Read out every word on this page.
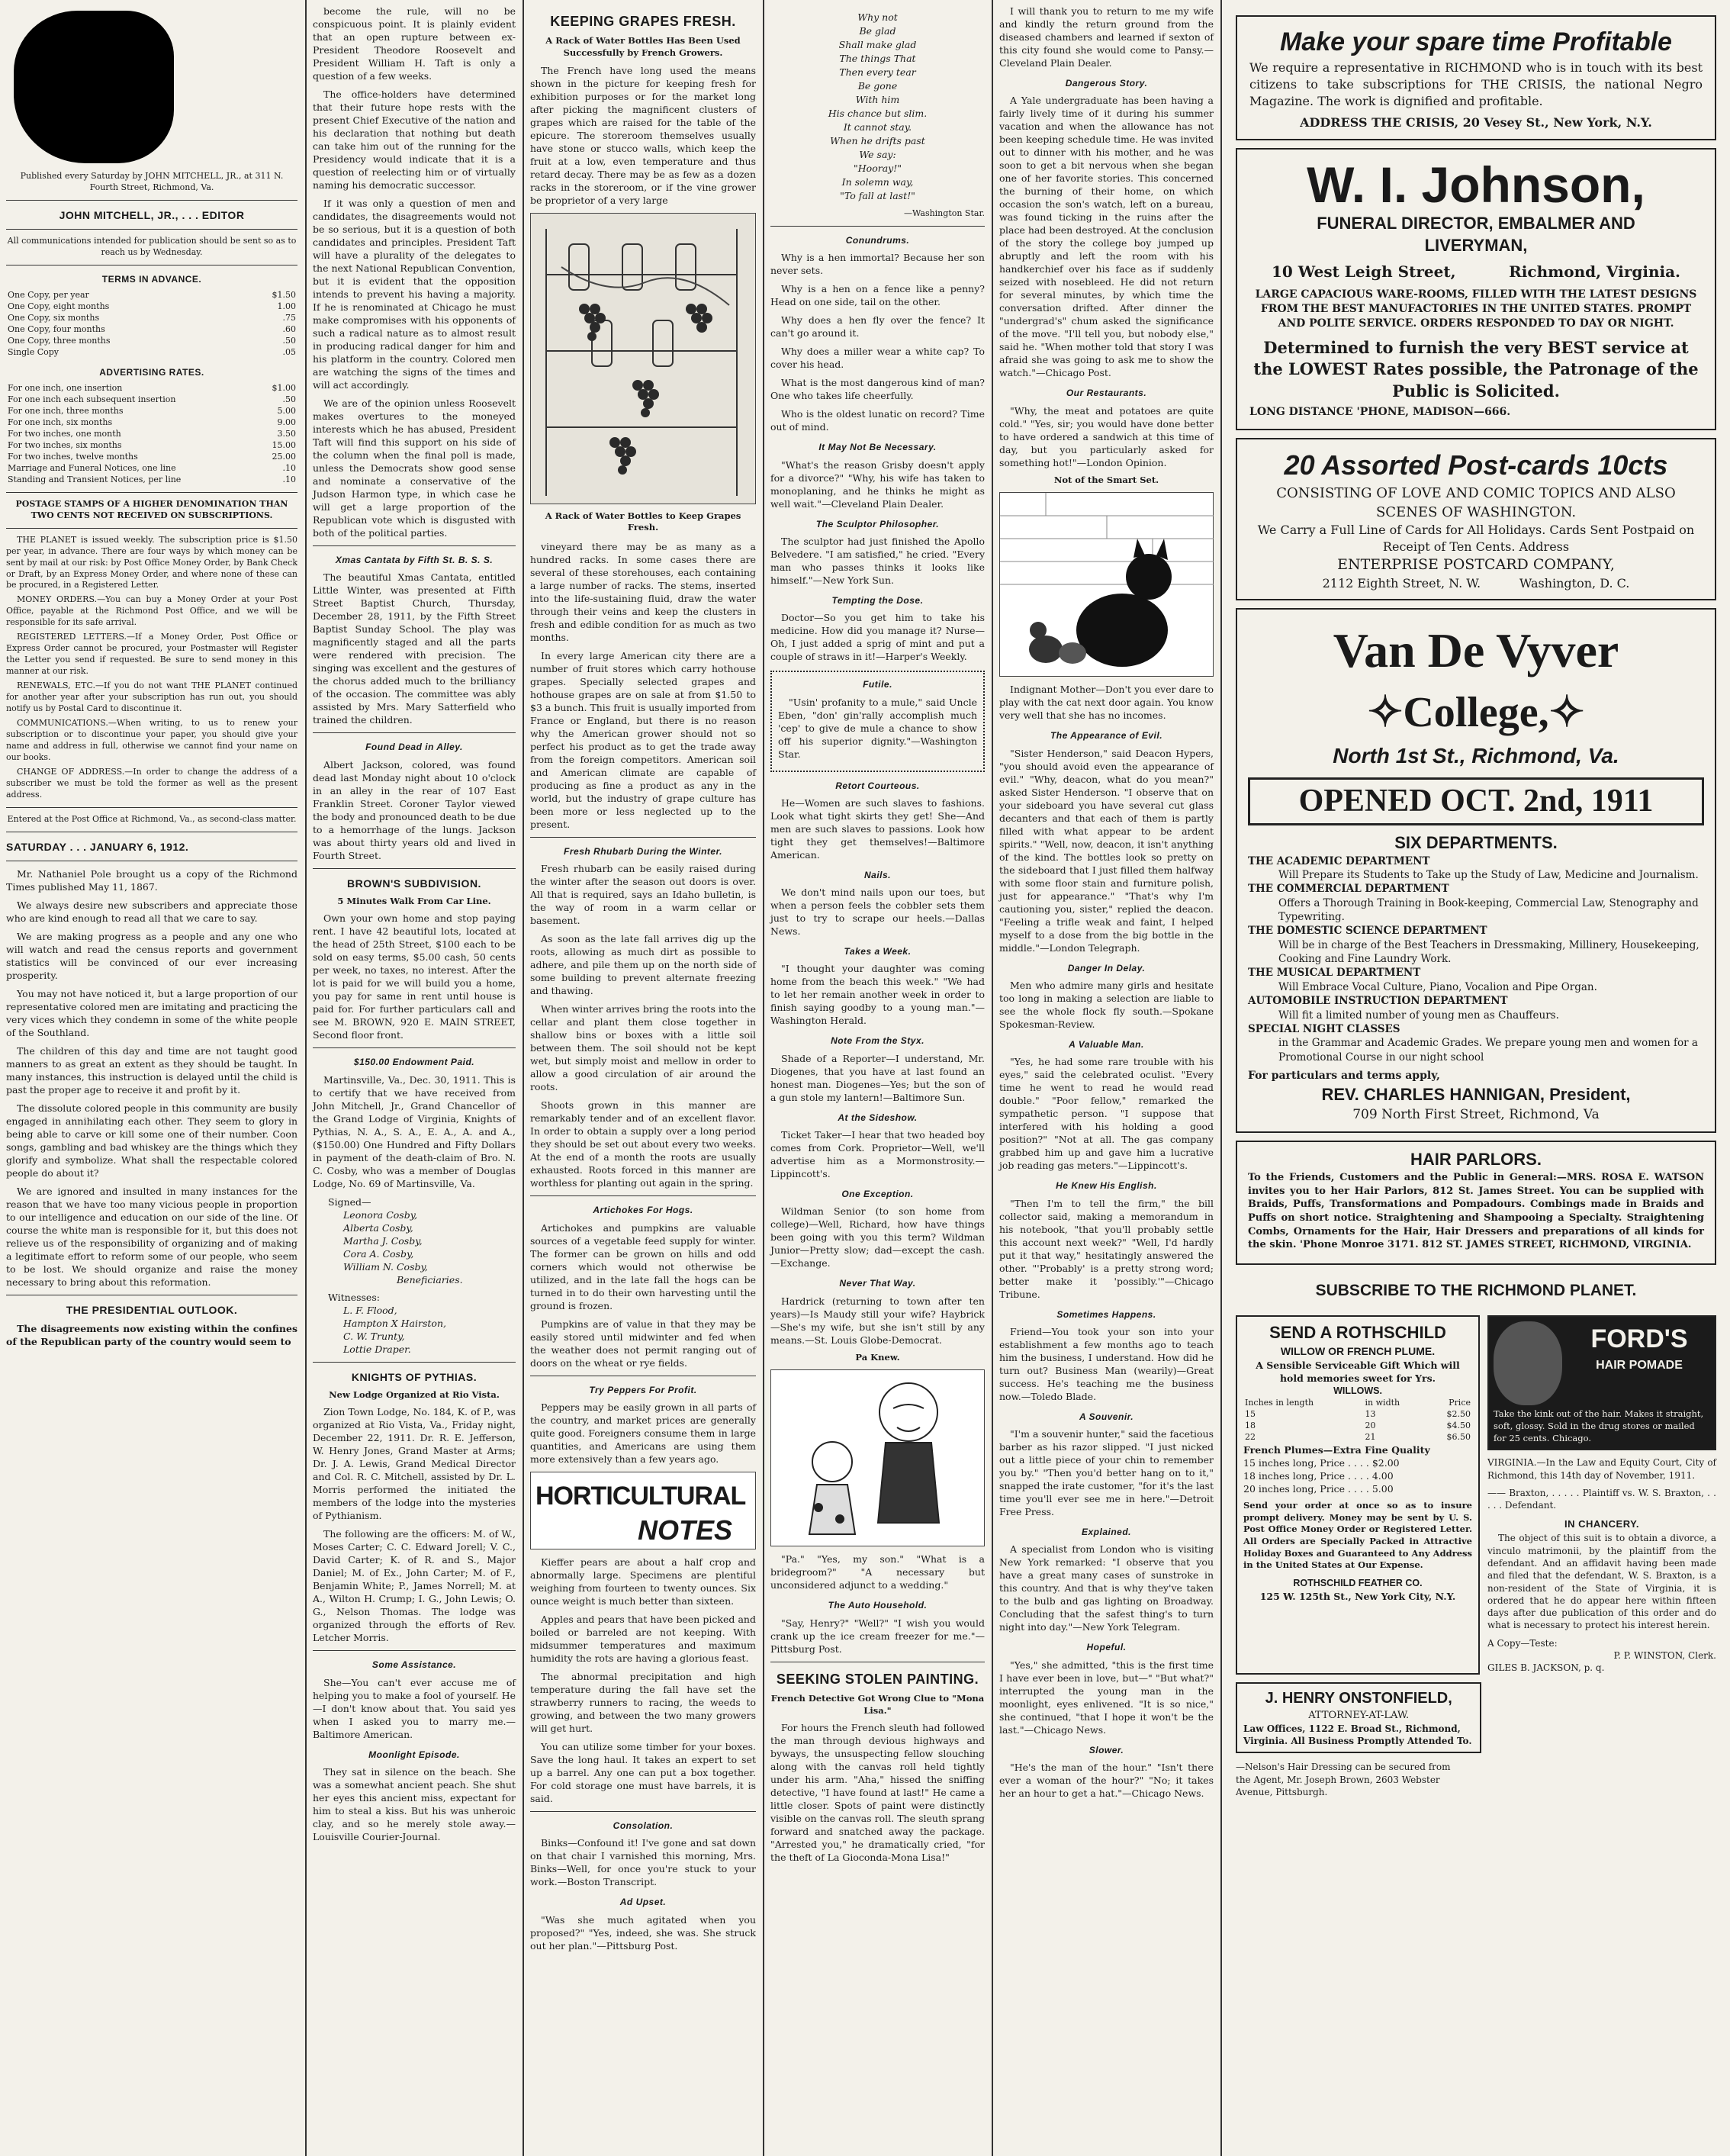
Published every Saturday by JOHN MITCHELL, JR., at 311 N. Fourth Street, Richmond, Va.
JOHN MITCHELL, JR., . . . EDITOR
All communications intended for publication should be sent so as to reach us by Wednesday.
TERMS IN ADVANCE.
One Copy, per year	$1.50
One Copy, eight months	1.00
One Copy, six months	.75
One Copy, four months	.60
One Copy, three months	.50
Single Copy	.05
ADVERTISING RATES.
For one inch, one insertion	$1.00
For one inch each subsequent insertion	.50
For one inch, three months	5.00
For one inch, six months	9.00
For two inches, one month	3.50
For two inches, six months	15.00
For two inches, twelve months	25.00
Marriage and Funeral Notices, one line	.10
Standing and Transient Notices, per line	.10
POSTAGE STAMPS OF A HIGHER DENOMINATION THAN TWO CENTS NOT RECEIVED ON SUBSCRIPTIONS.

THE PLANET is issued weekly. The subscription price is $1.50 per year, in advance. There are four ways by which money can be sent by mail at our risk: by Post Office Money Order, by Bank Check or Draft, by an Express Money Order, and where none of these can be procured, in a Registered Letter.

MONEY ORDERS.—You can buy a Money Order at your Post Office, payable at the Richmond Post Office, and we will be responsible for its safe arrival.

REGISTERED LETTERS.—If a Money Order, Post Office or Express Order cannot be procured, your Postmaster will Register the Letter you send if requested. Be sure to send money in this manner at our risk.

RENEWALS, ETC.—If you do not want THE PLANET continued for another year after your subscription has run out, you should notify us by Postal Card to discontinue it.

COMMUNICATIONS.—When writing, to us to renew your subscription or to discontinue your paper, you should give your name and address in full, otherwise we cannot find your name on our books.

CHANGE OF ADDRESS.—In order to change the address of a subscriber we must be told the former as well as the present address.

Entered at the Post Office at Richmond, Va., as second-class matter.
SATURDAY . . . JANUARY 6, 1912.

Mr. Nathaniel Pole brought us a copy of the Richmond Times published May 11, 1867.

We always desire new subscribers and appreciate those who are kind enough to read all that we care to say.

We are making progress as a people and any one who will watch and read the census reports and government statistics will be convinced of our ever increasing prosperity.

You may not have noticed it, but a large proportion of our representative colored men are imitating and practicing the very vices which they condemn in some of the white people of the Southland.

The children of this day and time are not taught good manners to as great an extent as they should be taught. In many instances, this instruction is delayed until the child is past the proper age to receive it and profit by it.

The dissolute colored people in this community are busily engaged in annihilating each other. They seem to glory in being able to carve or kill some one of their number. Coon songs, gambling and bad whiskey are the things which they glorify and symbolize. What shall the respectable colored people do about it?

We are ignored and insulted in many instances for the reason that we have too many vicious people in proportion to our intelligence and education on our side of the line. Of course the white man is responsible for it, but this does not relieve us of the responsibility of organizing and of making a legitimate effort to reform some of our people, who seem to be lost. We should organize and raise the money necessary to bring about this reformation.

THE PRESIDENTIAL OUTLOOK.

The disagreements now existing within the confines of the Republican party of the country would seem to

become the rule, will no be conspicuous point. It is plainly evident that an open rupture between ex-President Theodore Roosevelt and President William H. Taft is only a question of a few weeks.

The office-holders have determined that their future hope rests with the present Chief Executive of the nation and his declaration that nothing but death can take him out of the running for the Presidency would indicate that it is a question of reelecting him or of virtually naming his democratic successor.

If it was only a question of men and candidates, the disagreements would not be so serious, but it is a question of both candidates and principles. President Taft will have a plurality of the delegates to the next National Republican Convention, but it is evident that the opposition intends to prevent his having a majority. If he is renominated at Chicago he must make compromises with his opponents of such a radical nature as to almost result in producing radical danger for him and his platform in the country. Colored men are watching the signs of the times and will act accordingly.

We are of the opinion unless Roosevelt makes overtures to the moneyed interests which he has abused, President Taft will find this support on his side of the column when the final poll is made, unless the Democrats show good sense and nominate a conservative of the Judson Harmon type, in which case he will get a large proportion of the Republican vote which is disgusted with both of the political parties.

Xmas Cantata by Fifth St. B. S. S.

The beautiful Xmas Cantata, entitled Little Winter, was presented at Fifth Street Baptist Church, Thursday, December 28, 1911, by the Fifth Street Baptist Sunday School. The play was magnificently staged and all the parts were rendered with precision. The singing was excellent and the gestures of the chorus added much to the brilliancy of the occasion. The committee was ably assisted by Mrs. Mary Satterfield who trained the children.

Found Dead in Alley.

Albert Jackson, colored, was found dead last Monday night about 10 o'clock in an alley in the rear of 107 East Franklin Street. Coroner Taylor viewed the body and pronounced death to be due to a hemorrhage of the lungs. Jackson was about thirty years old and lived in Fourth Street.

BROWN'S SUBDIVISION.
5 Minutes Walk From Car Line.

Own your own home and stop paying rent. I have 42 beautiful lots, located at the head of 25th Street, $100 each to be sold on easy terms, $5.00 cash, 50 cents per week, no taxes, no interest. After the lot is paid for we will build you a home, you pay for same in rent until house is paid for. For further particulars call and see M. BROWN, 920 E. MAIN STREET, Second floor front.

$150.00 Endowment Paid.

Martinsville, Va., Dec. 30, 1911. This is to certify that we have received from John Mitchell, Jr., Grand Chancellor of the Grand Lodge of Virginia, Knights of Pythias, N. A., S. A., E. A., A. and A., ($150.00) One Hundred and Fifty Dollars in payment of the death-claim of Bro. N. C. Cosby, who was a member of Douglas Lodge, No. 69 of Martinsville, Va.

Signed—
Leonora Cosby,
Alberta Cosby,
Martha J. Cosby,
Cora A. Cosby,
William N. Cosby,
Beneficiaries.
Witnesses:
L. F. Flood,
Hampton X Hairston,
C. W. Trunty,
Lottie Draper.
KNIGHTS OF PYTHIAS.
New Lodge Organized at Rio Vista.

Zion Town Lodge, No. 184, K. of P., was organized at Rio Vista, Va., Friday night, December 22, 1911. Dr. R. E. Jefferson, W. Henry Jones, Grand Master at Arms; Dr. J. A. Lewis, Grand Medical Director and Col. R. C. Mitchell, assisted by Dr. L. Morris performed the initiated the members of the lodge into the mysteries of Pythianism.

The following are the officers: M. of W., Moses Carter; C. C. Edward Jorell; V. C., David Carter; K. of R. and S., Major Daniel; M. of Ex., John Carter; M. of F., Benjamin White; P., James Norrell; M. at A., Wilton H. Crump; I. G., John Lewis; O. G., Nelson Thomas. The lodge was organized through the efforts of Rev. Letcher Morris.

Some Assistance.

She—You can't ever accuse me of helping you to make a fool of yourself. He—I don't know about that. You said yes when I asked you to marry me.—Baltimore American.

Moonlight Episode.

They sat in silence on the beach. She was a somewhat ancient peach. She shut her eyes this ancient miss, expectant for him to steal a kiss. But his was unheroic clay, and so he merely stole away.—Louisville Courier-Journal.

KEEPING GRAPES FRESH.
A Rack of Water Bottles Has Been Used Successfully by French Growers.

The French have long used the means shown in the picture for keeping fresh for exhibition purposes or for the market long after picking the magnificent clusters of grapes which are raised for the table of the epicure. The storeroom themselves usually have stone or stucco walls, which keep the fruit at a low, even temperature and thus retard decay. There may be as few as a dozen racks in the storeroom, or if the vine grower be proprietor of a very large

A Rack of Water Bottles to Keep Grapes Fresh.

vineyard there may be as many as a hundred racks. In some cases there are several of these storehouses, each containing a large number of racks. The stems, inserted into the life-sustaining fluid, draw the water through their veins and keep the clusters in fresh and edible condition for as much as two months.

In every large American city there are a number of fruit stores which carry hothouse grapes. Specially selected grapes and hothouse grapes are on sale at from $1.50 to $3 a bunch. This fruit is usually imported from France or England, but there is no reason why the American grower should not so perfect his product as to get the trade away from the foreign competitors. American soil and American climate are capable of producing as fine a product as any in the world, but the industry of grape culture has been more or less neglected up to the present.

Fresh Rhubarb During the Winter.

Fresh rhubarb can be easily raised during the winter after the season out doors is over. All that is required, says an Idaho bulletin, is the way of room in a warm cellar or basement.

As soon as the late fall arrives dig up the roots, allowing as much dirt as possible to adhere, and pile them up on the north side of some building to prevent alternate freezing and thawing.

When winter arrives bring the roots into the cellar and plant them close together in shallow bins or boxes with a little soil between them. The soil should not be kept wet, but simply moist and mellow in order to allow a good circulation of air around the roots.

Shoots grown in this manner are remarkably tender and of an excellent flavor. In order to obtain a supply over a long period they should be set out about every two weeks. At the end of a month the roots are usually exhausted. Roots forced in this manner are worthless for planting out again in the spring.

Artichokes For Hogs.

Artichokes and pumpkins are valuable sources of a vegetable feed supply for winter. The former can be grown on hills and odd corners which would not otherwise be utilized, and in the late fall the hogs can be turned in to do their own harvesting until the ground is frozen.

Pumpkins are of value in that they may be easily stored until midwinter and fed when the weather does not permit ranging out of doors on the wheat or rye fields.

Try Peppers For Profit.

Peppers may be easily grown in all parts of the country, and market prices are generally quite good. Foreigners consume them in large quantities, and Americans are using them more extensively than a few years ago.

HORTICULTURAL
NOTES

Kieffer pears are about a half crop and abnormally large. Specimens are plentiful weighing from fourteen to twenty ounces. Six ounce weight is much better than sixteen.

Apples and pears that have been picked and boiled or barreled are not keeping. With midsummer temperatures and maximum humidity the rots are having a glorious feast.

The abnormal precipitation and high temperature during the fall have set the strawberry runners to racing, the weeds to growing, and between the two many growers will get hurt.

You can utilize some timber for your boxes. Save the long haul. It takes an expert to set up a barrel. Any one can put a box together. For cold storage one must have barrels, it is said.

Consolation.

Binks—Confound it! I've gone and sat down on that chair I varnished this morning, Mrs. Binks—Well, for once you're stuck to your work.—Boston Transcript.

Ad Upset.

"Was she much agitated when you proposed?" "Yes, indeed, she was. She struck out her plan."—Pittsburg Post.

Why not
Be glad
Shall make glad
The things That
Then every tear
Be gone
With him
His chance but slim.
It cannot stay.
When he drifts past
We say:
"Hooray!"
In solemn way,
"To fall at last!"
—Washington Star.
Conundrums.

Why is a hen immortal? Because her son never sets.

Why is a hen on a fence like a penny? Head on one side, tail on the other.

Why does a hen fly over the fence? It can't go around it.

Why does a miller wear a white cap? To cover his head.

What is the most dangerous kind of man? One who takes life cheerfully.

Who is the oldest lunatic on record? Time out of mind.

It May Not Be Necessary.

"What's the reason Grisby doesn't apply for a divorce?" "Why, his wife has taken to monoplaning, and he thinks he might as well wait."—Cleveland Plain Dealer.

The Sculptor Philosopher.

The sculptor had just finished the Apollo Belvedere. "I am satisfied," he cried. "Every man who passes thinks it looks like himself."—New York Sun.

Tempting the Dose.

Doctor—So you get him to take his medicine. How did you manage it? Nurse—Oh, I just added a sprig of mint and put a couple of straws in it!—Harper's Weekly.

Futile.

"Usin' profanity to a mule," said Uncle Eben, "don' gin'rally accomplish much 'cep' to give de mule a chance to show off his superior dignity."—Washington Star.

Retort Courteous.

He—Women are such slaves to fashions. Look what tight skirts they get! She—And men are such slaves to passions. Look how tight they get themselves!—Baltimore American.

Nails.

We don't mind nails upon our toes, but when a person feels the cobbler sets them just to try to scrape our heels.—Dallas News.

Takes a Week.

"I thought your daughter was coming home from the beach this week." "We had to let her remain another week in order to finish saying goodby to a young man."—Washington Herald.

Note From the Styx.

Shade of a Reporter—I understand, Mr. Diogenes, that you have at last found an honest man. Diogenes—Yes; but the son of a gun stole my lantern!—Baltimore Sun.

At the Sideshow.

Ticket Taker—I hear that two headed boy comes from Cork. Proprietor—Well, we'll advertise him as a Mormonstrosity.—Lippincott's.

One Exception.

Wildman Senior (to son home from college)—Well, Richard, how have things been going with you this term? Wildman Junior—Pretty slow; dad—except the cash.—Exchange.

Never That Way.

Hardrick (returning to town after ten years)—Is Maudy still your wife? Haybrick—She's my wife, but she isn't still by any means.—St. Louis Globe-Democrat.

Pa Knew.

"Pa." "Yes, my son." "What is a bridegroom?" "A necessary but unconsidered adjunct to a wedding."

The Auto Household.

"Say, Henry?" "Well?" "I wish you would crank up the ice cream freezer for me."—Pittsburg Post.

SEEKING STOLEN PAINTING.
French Detective Got Wrong Clue to "Mona Lisa."

For hours the French sleuth had followed the man through devious highways and byways, the unsuspecting fellow slouching along with the canvas roll held tightly under his arm. "Aha," hissed the sniffing detective, "I have found at last!" He came a little closer. Spots of paint were distinctly visible on the canvas roll. The sleuth sprang forward and snatched away the package. "Arrested you," he dramatically cried, "for the theft of La Gioconda-Mona Lisa!"

I will thank you to return to me my wife and kindly the return ground from the diseased chambers and learned if sexton of this city found she would come to Pansy.—Cleveland Plain Dealer.

Dangerous Story.

A Yale undergraduate has been having a fairly lively time of it during his summer vacation and when the allowance has not been keeping schedule time. He was invited out to dinner with his mother, and he was soon to get a bit nervous when she began one of her favorite stories. This concerned the burning of their home, on which occasion the son's watch, left on a bureau, was found ticking in the ruins after the place had been destroyed. At the conclusion of the story the college boy jumped up abruptly and left the room with his handkerchief over his face as if suddenly seized with nosebleed. He did not return for several minutes, by which time the conversation drifted. After dinner the "undergrad's" chum asked the significance of the move. "I'll tell you, but nobody else," said he. "When mother told that story I was afraid she was going to ask me to show the watch."—Chicago Post.

Our Restaurants.

"Why, the meat and potatoes are quite cold." "Yes, sir; you would have done better to have ordered a sandwich at this time of day, but you particularly asked for something hot!"—London Opinion.

Not of the Smart Set.

Indignant Mother—Don't you ever dare to play with the cat next door again. You know very well that she has no incomes.

The Appearance of Evil.

"Sister Henderson," said Deacon Hypers, "you should avoid even the appearance of evil." "Why, deacon, what do you mean?" asked Sister Henderson. "I observe that on your sideboard you have several cut glass decanters and that each of them is partly filled with what appear to be ardent spirits." "Well, now, deacon, it isn't anything of the kind. The bottles look so pretty on the sideboard that I just filled them halfway with some floor stain and furniture polish, just for appearance." "That's why I'm cautioning you, sister," replied the deacon. "Feeling a trifle weak and faint, I helped myself to a dose from the big bottle in the middle."—London Telegraph.

Danger In Delay.

Men who admire many girls and hesitate too long in making a selection are liable to see the whole flock fly south.—Spokane Spokesman-Review.

A Valuable Man.

"Yes, he had some rare trouble with his eyes," said the celebrated oculist. "Every time he went to read he would read double." "Poor fellow," remarked the sympathetic person. "I suppose that interfered with his holding a good position?" "Not at all. The gas company grabbed him up and gave him a lucrative job reading gas meters."—Lippincott's.

He Knew His English.

"Then I'm to tell the firm," the bill collector said, making a memorandum in his notebook, "that you'll probably settle this account next week?" "Well, I'd hardly put it that way," hesitatingly answered the other. "'Probably' is a pretty strong word; better make it 'possibly.'"—Chicago Tribune.

Sometimes Happens.

Friend—You took your son into your establishment a few months ago to teach him the business, I understand. How did he turn out? Business Man (wearily)—Great success. He's teaching me the business now.—Toledo Blade.

A Souvenir.

"I'm a souvenir hunter," said the facetious barber as his razor slipped. "I just nicked out a little piece of your chin to remember you by." "Then you'd better hang on to it," snapped the irate customer, "for it's the last time you'll ever see me in here."—Detroit Free Press.

Explained.

A specialist from London who is visiting New York remarked: "I observe that you have a great many cases of sunstroke in this country. And that is why they've taken to the bulb and gas lighting on Broadway. Concluding that the safest thing's to turn night into day."—New York Telegram.

Hopeful.

"Yes," she admitted, "this is the first time I have ever been in love, but—" "But what?" interrupted the young man in the moonlight, eyes enlivened. "It is so nice," she continued, "that I hope it won't be the last."—Chicago News.

Slower.

"He's the man of the hour." "Isn't there ever a woman of the hour?" "No; it takes her an hour to get a hat."—Chicago News.

Make your spare time Profitable

We require a representative in RICHMOND who is in touch with its best citizens to take subscriptions for THE CRISIS, the national Negro Magazine. The work is dignified and profitable.

ADDRESS THE CRISIS, 20 Vesey St., New York, N.Y.
W. I. Johnson,
FUNERAL DIRECTOR, EMBALMER AND
LIVERYMAN,
10 West Leigh Street,          Richmond, Virginia.
LARGE CAPACIOUS WARE-ROOMS, FILLED WITH THE LATEST DESIGNS FROM THE BEST MANUFACTORIES IN THE UNITED STATES. PROMPT AND POLITE SERVICE. ORDERS RESPONDED TO DAY OR NIGHT.
Determined to furnish the very BEST service at the LOWEST Rates possible, the Patronage of the Public is Solicited.
LONG DISTANCE 'PHONE, MADISON—666.
20 Assorted Post-cards 10cts
CONSISTING OF LOVE AND COMIC TOPICS AND ALSO SCENES OF WASHINGTON.
We Carry a Full Line of Cards for All Holidays. Cards Sent Postpaid on Receipt of Ten Cents. Address
ENTERPRISE POSTCARD COMPANY,
2112 Eighth Street, N. W.          Washington, D. C.
Van De Vyver
✧College,✧
North 1st St., Richmond, Va.
OPENED OCT. 2nd, 1911
SIX DEPARTMENTS.
THE ACADEMIC DEPARTMENT
Will Prepare its Students to Take up the Study of Law, Medicine and Journalism.
THE COMMERCIAL DEPARTMENT
Offers a Thorough Training in Book-keeping, Commercial Law, Stenography and Typewriting.
THE DOMESTIC SCIENCE DEPARTMENT
Will be in charge of the Best Teachers in Dressmaking, Millinery, Housekeeping, Cooking and Fine Laundry Work.
THE MUSICAL DEPARTMENT
Will Embrace Vocal Culture, Piano, Vocalion and Pipe Organ.
AUTOMOBILE INSTRUCTION DEPARTMENT
Will fit a limited number of young men as Chauffeurs.
SPECIAL NIGHT CLASSES
in the Grammar and Academic Grades. We prepare young men and women for a Promotional Course in our night school
For particulars and terms apply,
REV. CHARLES HANNIGAN, President,
709 North First Street, Richmond, Va
HAIR PARLORS.

To the Friends, Customers and the Public in General:—MRS. ROSA E. WATSON invites you to her Hair Parlors, 812 St. James Street. You can be supplied with Braids, Puffs, Transformations and Pompadours. Combings made in Braids and Puffs on short notice. Straightening and Shampooing a Specialty. Straightening Combs, Ornaments for the Hair, Hair Dressers and preparations of all kinds for the skin. 'Phone Monroe 3171. 812 ST. JAMES STREET, RICHMOND, VIRGINIA.

SUBSCRIBE TO THE RICHMOND PLANET.
SEND A ROTHSCHILD
WILLOW OR FRENCH PLUME.
A Sensible Serviceable Gift Which will hold memories sweet for Yrs.
WILLOWS.
Inches in length	in width	Price
15	13	$2.50
18	20	$4.50
22	21	$6.50
French Plumes—Extra Fine Quality
15 inches long, Price . . . . $2.00
18 inches long, Price . . . . 4.00
20 inches long, Price . . . . 5.00

Send your order at once so as to insure prompt delivery. Money may be sent by U. S. Post Office Money Order or Registered Letter. All Orders are Specially Packed in Attractive Holiday Boxes and Guaranteed to Any Address in the United States at Our Expense.

ROTHSCHILD FEATHER CO.
125 W. 125th St., New York City, N.Y.
FORD'S
HAIR POMADE
Take the kink out of the hair. Makes it straight, soft, glossy. Sold in the drug stores or mailed for 25 cents. Chicago.

VIRGINIA.—In the Law and Equity Court, City of Richmond, this 14th day of November, 1911.

—— Braxton, . . . . . Plaintiff vs. W. S. Braxton, . . . . . Defendant.

IN CHANCERY.

The object of this suit is to obtain a divorce, a vinculo matrimonii, by the plaintiff from the defendant. And an affidavit having been made and filed that the defendant, W. S. Braxton, is a non-resident of the State of Virginia, it is ordered that he do appear here within fifteen days after due publication of this order and do what is necessary to protect his interest herein.

A Copy—Teste:
P. P. WINSTON, Clerk.
GILES B. JACKSON, p. q.
J. HENRY ONSTONFIELD,
ATTORNEY-AT-LAW.
Law Offices, 1122 E. Broad St., Richmond, Virginia. All Business Promptly Attended To.
—Nelson's Hair Dressing can be secured from the Agent, Mr. Joseph Brown, 2603 Webster Avenue, Pittsburgh.
